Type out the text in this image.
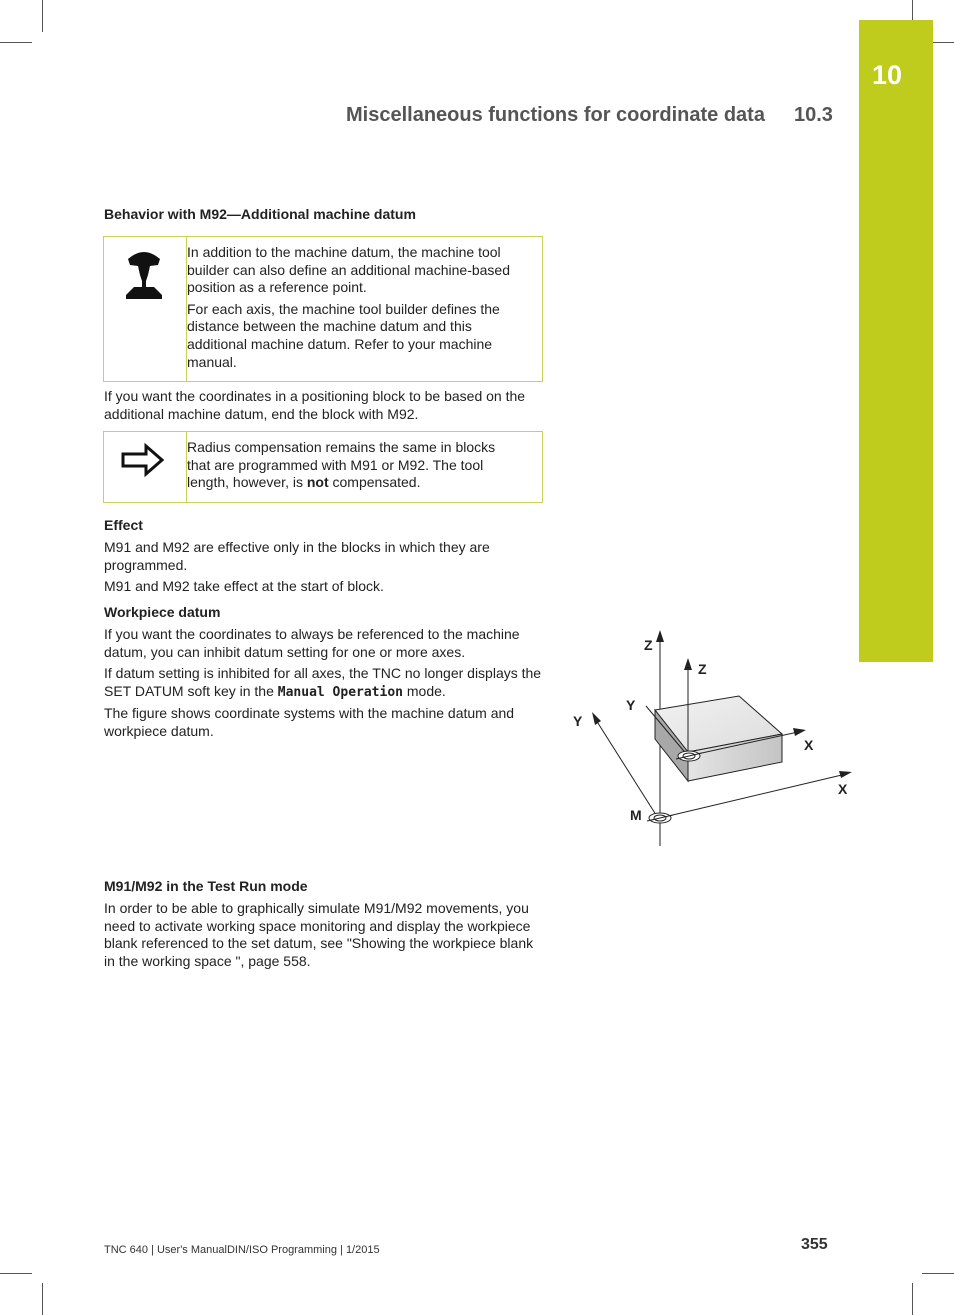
10
Miscellaneous functions for coordinate data 10.3
Behavior with M92—Additional machine datum

In addition to the machine datum, the machine tool builder can also define an additional machine-based position as a reference point.

For each axis, the machine tool builder defines the distance between the machine datum and this additional machine datum. Refer to your machine manual.

If you want the coordinates in a positioning block to be based on the additional machine datum, end the block with M92.

Radius compensation remains the same in blocks that are programmed with M91 or M92. The tool length, however, is not compensated.

Effect
M91 and M92 are effective only in the blocks in which they are programmed.
M91 and M92 take effect at the start of block.
Workpiece datum
If you want the coordinates to always be referenced to the machine datum, you can inhibit datum setting for one or more axes.
If datum setting is inhibited for all axes, the TNC no longer displays the SET DATUM soft key in the Manual Operation mode.
The figure shows coordinate systems with the machine datum and workpiece datum.
Z
Z
Y
Y
X
X
M
M91/M92 in the Test Run mode
In order to be able to graphically simulate M91/M92 movements, you need to activate working space monitoring and display the workpiece blank referenced to the set datum, see "Showing the workpiece blank in the working space ", page 558.
TNC 640 | User's ManualDIN/ISO Programming | 1/2015	355
